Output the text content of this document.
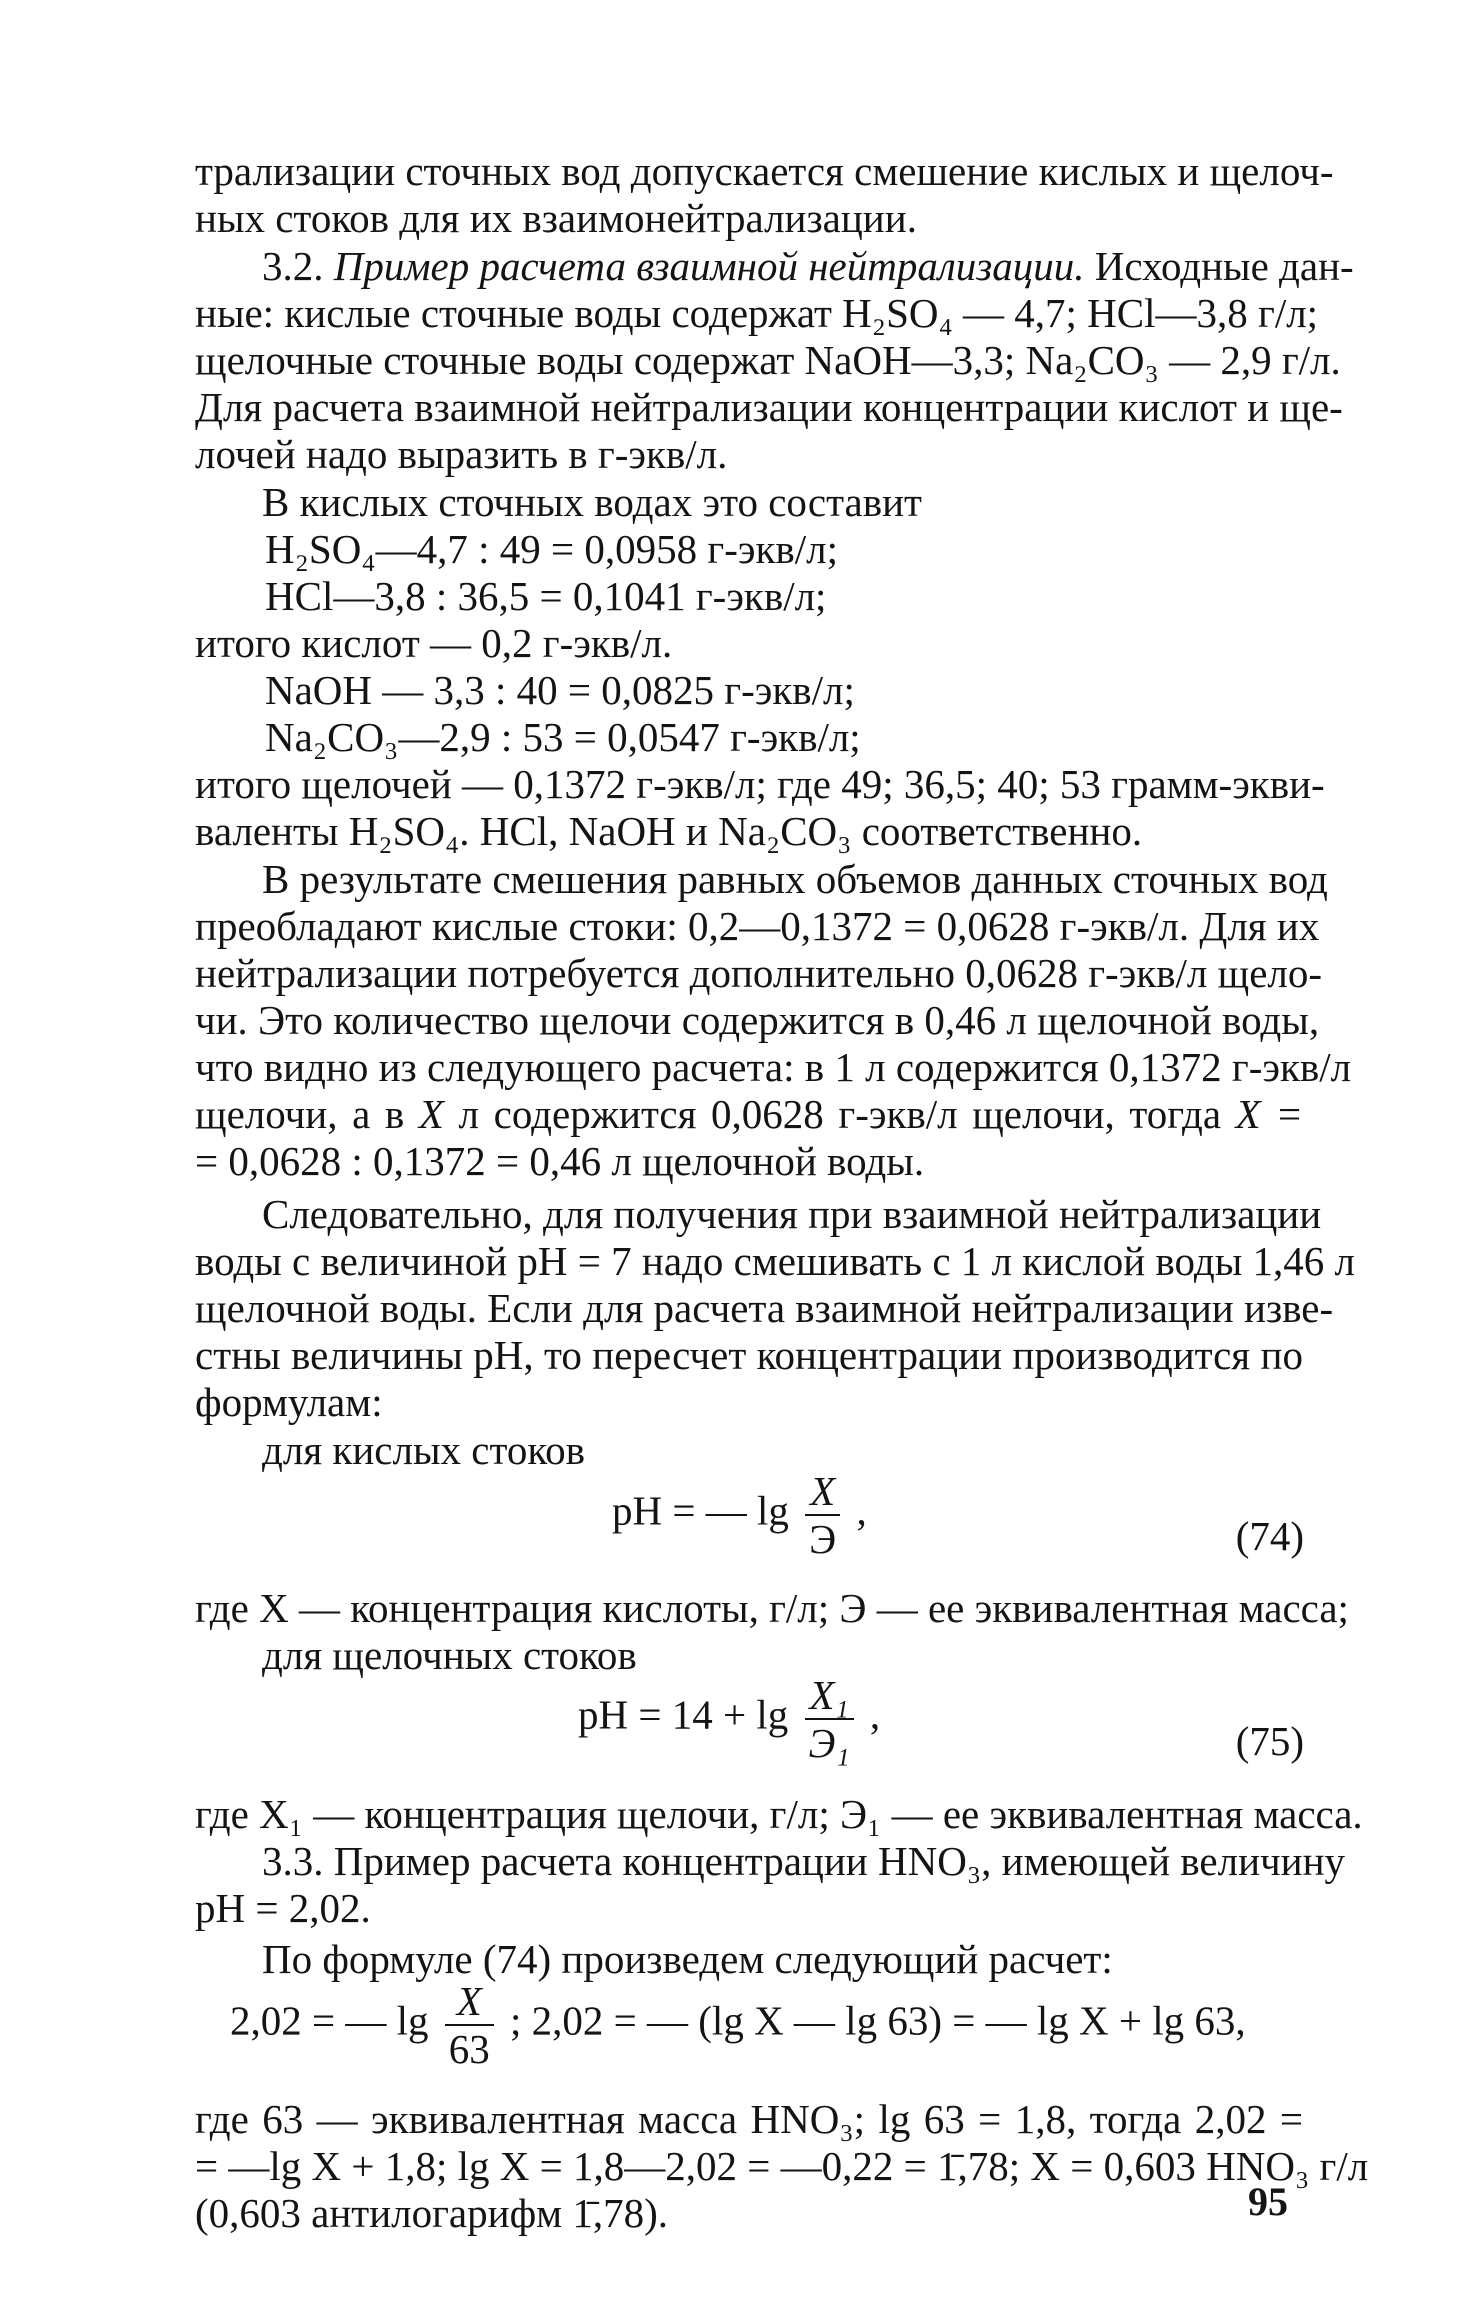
трализации сточных вод допускается смешение кислых и щелоч-
ных стоков для их взаимонейтрализации.
3.2. Пример расчета взаимной нейтрализации. Исходные дан-
ные: кислые сточные воды содержат H₂SO₄ — 4,7; HCl—3,8 г/л;
щелочные сточные воды содержат NaOH—3,3; Na₂CO₃ — 2,9 г/л.
Для расчета взаимной нейтрализации концентрации кислот и ще-
лочей надо выразить в г-экв/л.
В кислых сточных водах это составит
H₂SO₄—4,7 : 49 = 0,0958 г-экв/л;
HCl—3,8 : 36,5 = 0,1041 г-экв/л;
итого кислот — 0,2 г-экв/л.
NaOH — 3,3 : 40 = 0,0825 г-экв/л;
Na₂CO₃—2,9 : 53 = 0,0547 г-экв/л;
итого щелочей — 0,1372 г-экв/л; где 49; 36,5; 40; 53 грамм-экви-
валенты H₂SO₄. HCl, NaOH и Na₂CO₃ соответственно.
В результате смешения равных объемов данных сточных вод
преобладают кислые стоки: 0,2—0,1372 = 0,0628 г-экв/л. Для их
нейтрализации потребуется дополнительно 0,0628 г-экв/л щело-
чи. Это количество щелочи содержится в 0,46 л щелочной воды,
что видно из следующего расчета: в 1 л содержится 0,1372 г-экв/л
щелочи, а в X л содержится 0,0628 г-экв/л щелочи, тогда X =
= 0,0628 : 0,1372 = 0,46 л щелочной воды.
Следовательно, для получения при взаимной нейтрализации
воды с величиной pH = 7 надо смешивать с 1 л кислой воды 1,46 л
щелочной воды. Если для расчета взаимной нейтрализации изве-
стны величины pH, то пересчет концентрации производится по
формулам:
для кислых стоков
pH = — $\lg \frac{X}{Э}$ ,
(74)
где X — концентрация кислоты, г/л; Э — ее эквивалентная масса;
для щелочных стоков
pH = $14 + \lg \frac{\text{X₁}}{\text{Э₁}}$ ,
(75)
где X₁ — концентрация щелочи, г/л; Э₁ — ее эквивалентная масса.
3.3. Пример расчета концентрации HNO₃, имеющей величину
pH = 2,02.
По формуле (74) произведем следующий расчет:
2,02 = — $\lg \frac{X}{63}$ ; 2,02 = — (lg X — lg 63) = — lg X + lg 63,
где 63 — эквивалентная масса HNO₃; lg 63 = 1,8, тогда 2,02 =
= —lg X + 1,8; lg X = 1,8—2,02 = —0,22 = 1̄,78; X = 0,603 HNO₃ г/л
(0,603 антилогарифм 1̄,78).	95
